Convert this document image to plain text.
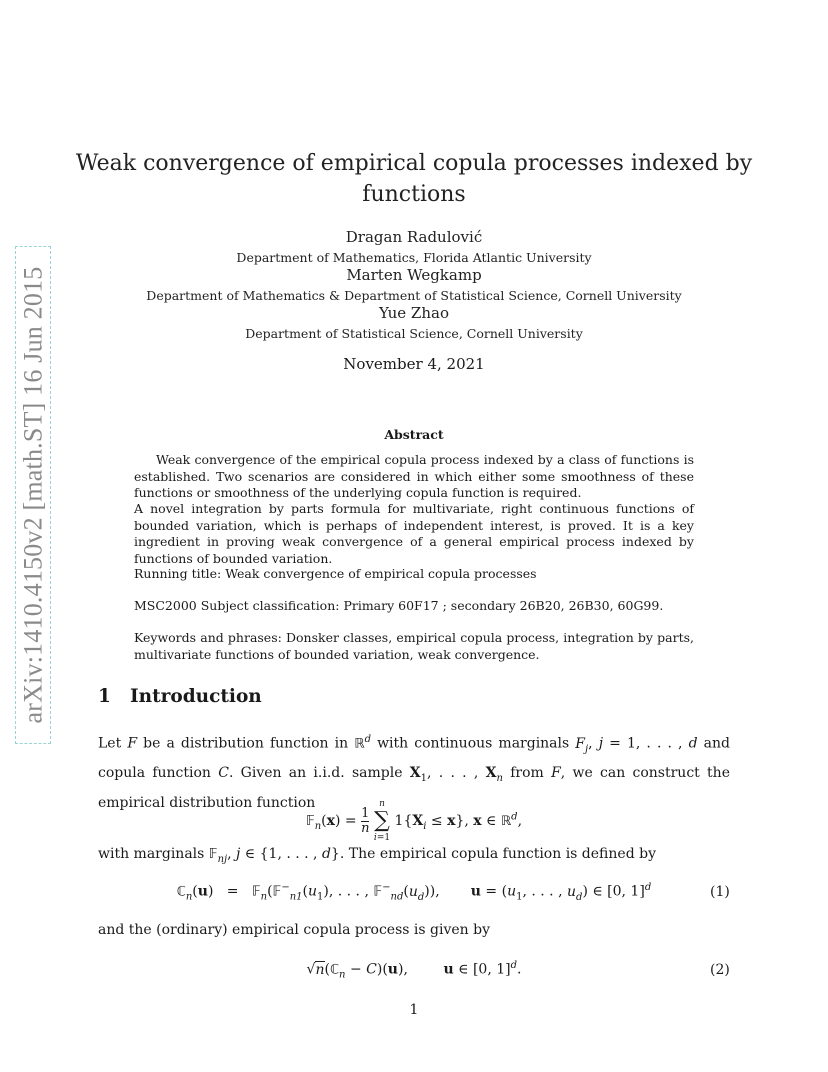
arXiv:1410.4150v2 [math.ST] 16 Jun 2015
Weak convergence of empirical copula processes indexed by
functions
Dragan Radulović
Department of Mathematics, Florida Atlantic University
Marten Wegkamp
Department of Mathematics & Department of Statistical Science, Cornell University
Yue Zhao
Department of Statistical Science, Cornell University
November 4, 2021
Abstract
Weak convergence of the empirical copula process indexed by a class of functions is established. Two scenarios are considered in which either some smoothness of these functions or smoothness of the underlying copula function is required.
A novel integration by parts formula for multivariate, right continuous functions of bounded variation, which is perhaps of independent interest, is proved. It is a key ingredient in proving weak convergence of a general empirical process indexed by functions of bounded variation.
Running title: Weak convergence of empirical copula processes
MSC2000 Subject classification: Primary 60F17 ; secondary 26B20, 26B30, 60G99.
Keywords and phrases: Donsker classes, empirical copula process, integration by parts, multivariate functions of bounded variation, weak convergence.
1 Introduction
Let F be a distribution function in ℝ$^d$ with continuous marginals $F_j$, j = 1, . . . , d and copula function C. Given an i.i.d. sample $X_1$, . . . , $X_n$ from F, we can construct the empirical distribution function
𝔽$_n$(x) = $\frac{1}{n}$

n
∑
i=1
$1\{X_i \le x\}$, x ∈ ℝ$^d$,
with marginals 𝔽$_{nj}$, j ∈ {1, . . . , d}. The empirical copula function is defined by
ℂ$_n$(u)   =   $𝔽_n(𝔽^-_{n1}(u_1)$, . . . , $𝔽^-_{nd}(u_d)$),       $u = (u_1$, . . . , $u_d$) ∈ [0, 1]$^d$	(1)
and the (ordinary) empirical copula process is given by
√n(ℂ$_n$ − C)(u),        u ∈ [0, 1]$^d$.	(2)
1
